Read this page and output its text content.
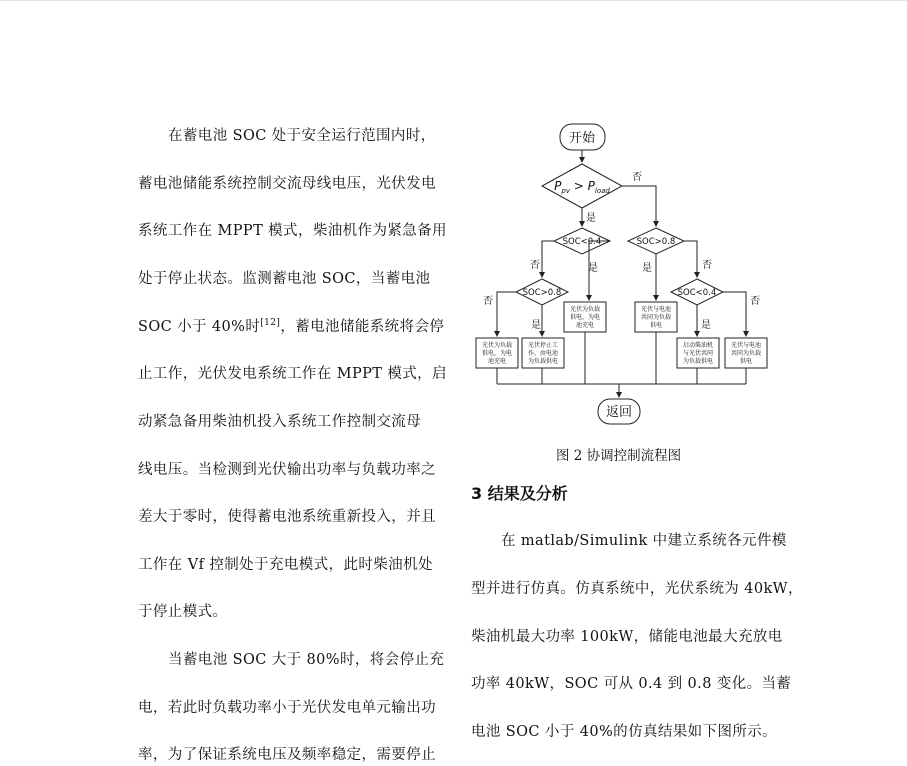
在蓄电池 SOC 处于安全运行范围内时，
蓄电池储能系统控制交流母线电压，光伏发电
系统工作在 MPPT 模式，柴油机作为紧急备用
处于停止状态。监测蓄电池 SOC，当蓄电池
SOC 小于 40%时[12]，蓄电池储能系统将会停
止工作，光伏发电系统工作在 MPPT 模式，启
动紧急备用柴油机投入系统工作控制交流母
线电压。当检测到光伏输出功率与负载功率之
差大于零时，使得蓄电池系统重新投入，并且
工作在 Vf 控制处于充电模式，此时柴油机处
于停止模式。
当蓄电池 SOC 大于 80%时，将会停止充
电，若此时负载功率小于光伏发电单元输出功
率，为了保证系统电压及频率稳定，需要停止
开始
$P_{pv} > P_{load}$
SOC<0.4
SOC>0.8
SOC>0.8
SOC<0.4
是
否
否	是
否
是
是	否
是
否
光伏为负载
供电，为电
池充电
光伏停止工
作，由电池
为负载供电
光伏为负载
供电，为电
池充电
光伏与电池
共同为负载
供电
启动柴油机
与光伏共同
为负载供电
光伏与电池
共同为负载
供电
返回
图 2 协调控制流程图
3 结果及分析
在 matlab/Simulink 中建立系统各元件模
型并进行仿真。仿真系统中，光伏系统为 40kW，
柴油机最大功率 100kW，储能电池最大充放电
功率 40kW，SOC 可从 0.4 到 0.8 变化。当蓄
电池 SOC 小于 40%的仿真结果如下图所示。
